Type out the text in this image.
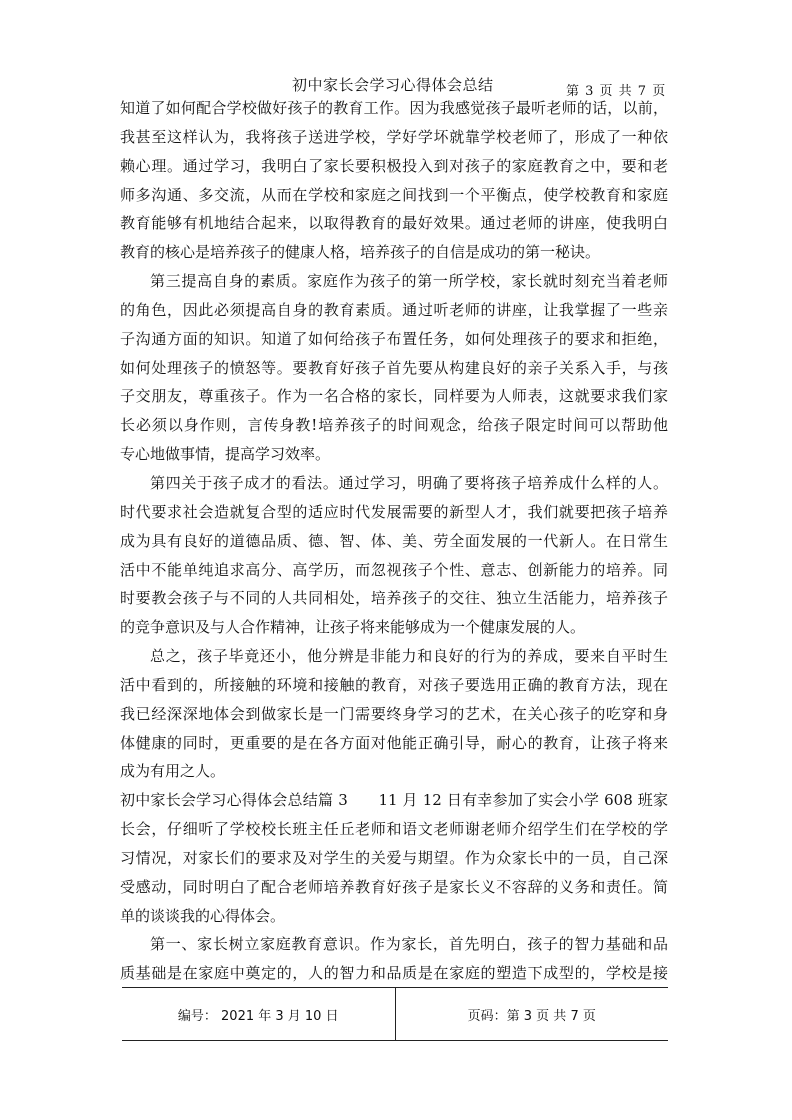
初中家长会学习心得体会总结	第 3 页 共 7 页
知道了如何配合学校做好孩子的教育工作。因为我感觉孩子最听老师的话，以前，
我甚至这样认为，我将孩子送进学校，学好学坏就靠学校老师了，形成了一种依
赖心理。通过学习，我明白了家长要积极投入到对孩子的家庭教育之中，要和老
师多沟通、多交流，从而在学校和家庭之间找到一个平衡点，使学校教育和家庭
教育能够有机地结合起来，以取得教育的最好效果。通过老师的讲座，使我明白
教育的核心是培养孩子的健康人格，培养孩子的自信是成功的第一秘诀。
第三提高自身的素质。家庭作为孩子的第一所学校，家长就时刻充当着老师
的角色，因此必须提高自身的教育素质。通过听老师的讲座，让我掌握了一些亲
子沟通方面的知识。知道了如何给孩子布置任务，如何处理孩子的要求和拒绝，
如何处理孩子的愤怒等。要教育好孩子首先要从构建良好的亲子关系入手，与孩
子交朋友，尊重孩子。作为一名合格的家长，同样要为人师表，这就要求我们家
长必须以身作则，言传身教!培养孩子的时间观念，给孩子限定时间可以帮助他
专心地做事情，提高学习效率。
第四关于孩子成才的看法。通过学习，明确了要将孩子培养成什么样的人。
时代要求社会造就复合型的适应时代发展需要的新型人才，我们就要把孩子培养
成为具有良好的道德品质、德、智、体、美、劳全面发展的一代新人。在日常生
活中不能单纯追求高分、高学历，而忽视孩子个性、意志、创新能力的培养。同
时要教会孩子与不同的人共同相处，培养孩子的交往、独立生活能力，培养孩子
的竞争意识及与人合作精神，让孩子将来能够成为一个健康发展的人。
总之，孩子毕竟还小，他分辨是非能力和良好的行为的养成，要来自平时生
活中看到的，所接触的环境和接触的教育，对孩子要选用正确的教育方法，现在
我已经深深地体会到做家长是一门需要终身学习的艺术，在关心孩子的吃穿和身
体健康的同时，更重要的是在各方面对他能正确引导，耐心的教育，让孩子将来
成为有用之人。
初中家长会学习心得体会总结篇 3　　11 月 12 日有幸参加了实会小学 608 班家
长会，仔细听了学校校长班主任丘老师和语文老师谢老师介绍学生们在学校的学
习情况，对家长们的要求及对学生的关爱与期望。作为众家长中的一员，自己深
受感动，同时明白了配合老师培养教育好孩子是家长义不容辞的义务和责任。简
单的谈谈我的心得体会。
第一、家长树立家庭教育意识。作为家长，首先明白，孩子的智力基础和品
质基础是在家庭中奠定的，人的智力和品质是在家庭的塑造下成型的，学校是接
编号： 2021 年 3 月 10 日	页码：第 3 页 共 7 页
